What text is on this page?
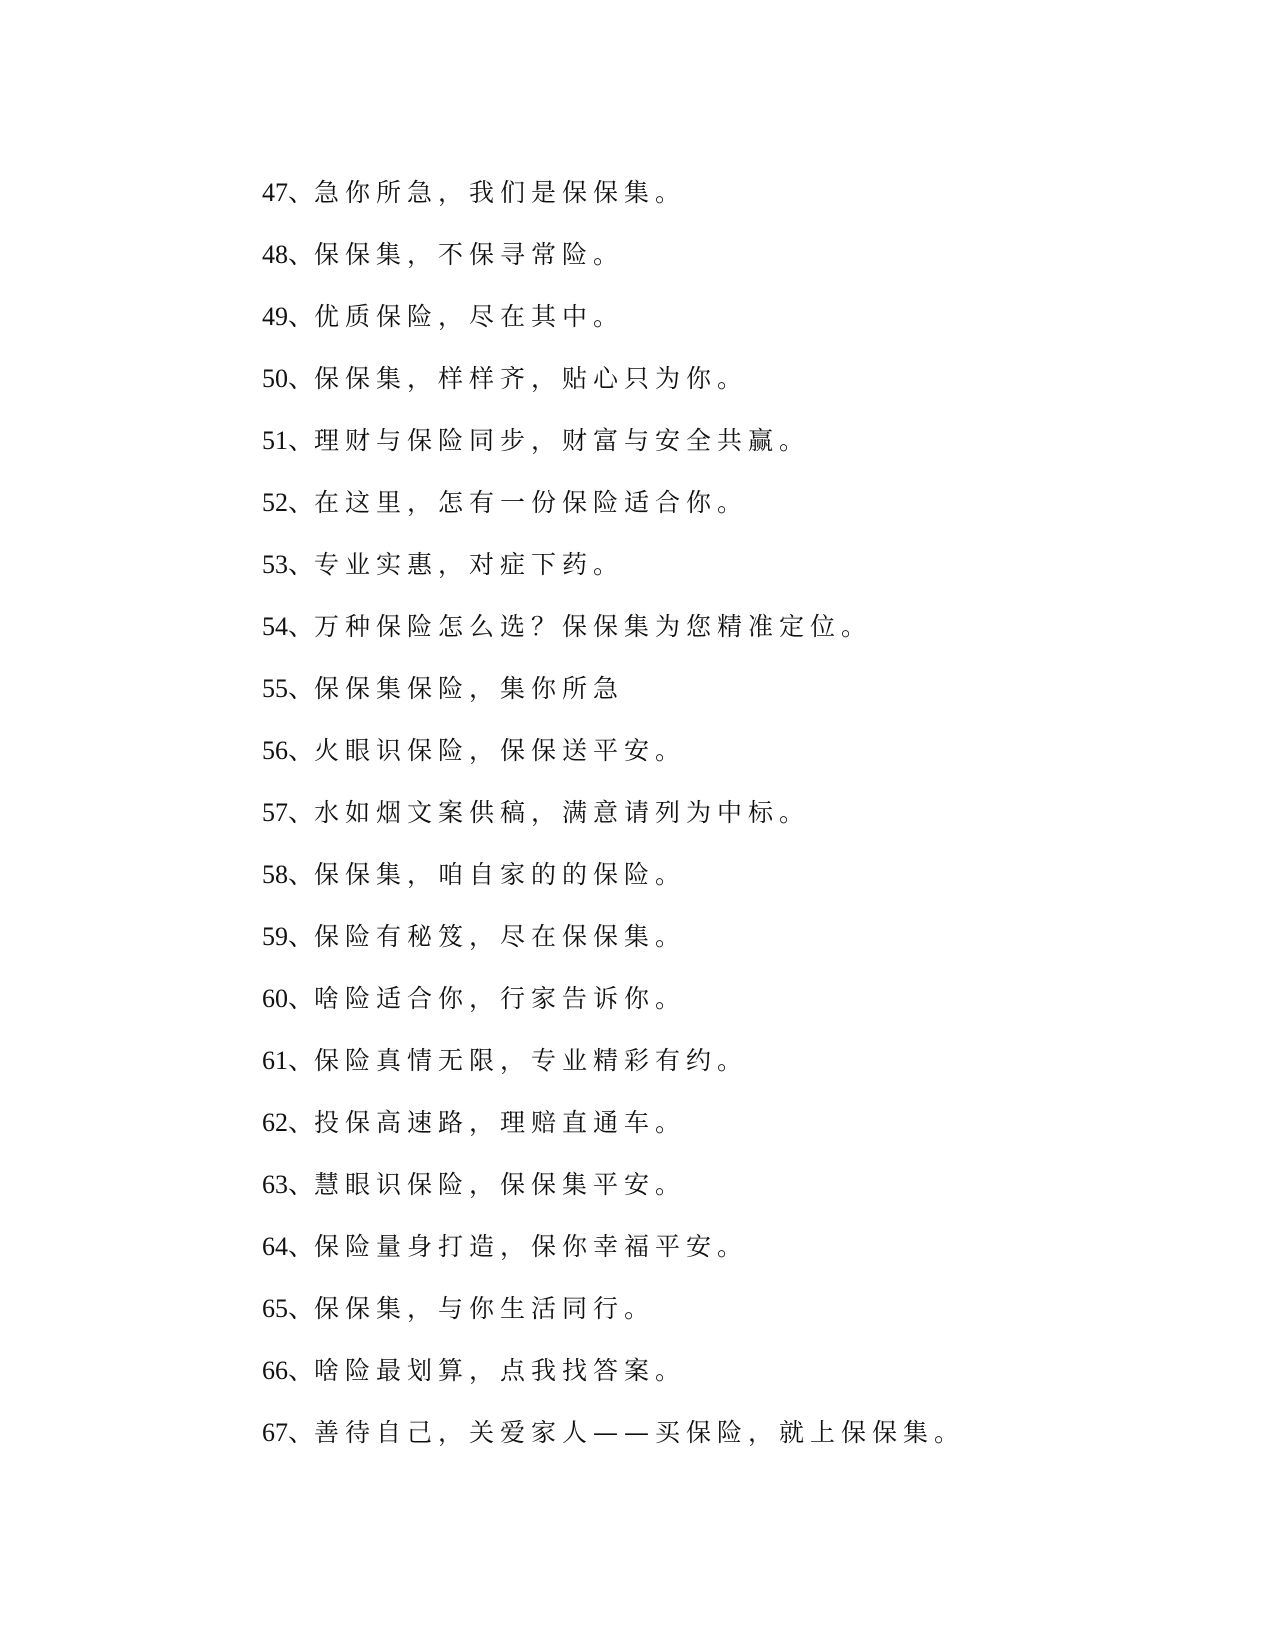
47、急你所急，我们是保保集。
48、保保集，不保寻常险。
49、优质保险，尽在其中。
50、保保集，样样齐，贴心只为你。
51、理财与保险同步，财富与安全共赢。
52、在这里，怎有一份保险适合你。
53、专业实惠，对症下药。
54、万种保险怎么选？保保集为您精准定位。
55、保保集保险，集你所急
56、火眼识保险，保保送平安。
57、水如烟文案供稿，满意请列为中标。
58、保保集，咱自家的的保险。
59、保险有秘笈，尽在保保集。
60、啥险适合你，行家告诉你。
61、保险真情无限，专业精彩有约。
62、投保高速路，理赔直通车。
63、慧眼识保险，保保集平安。
64、保险量身打造，保你幸福平安。
65、保保集，与你生活同行。
66、啥险最划算，点我找答案。
67、善待自己，关爱家人——买保险，就上保保集。
